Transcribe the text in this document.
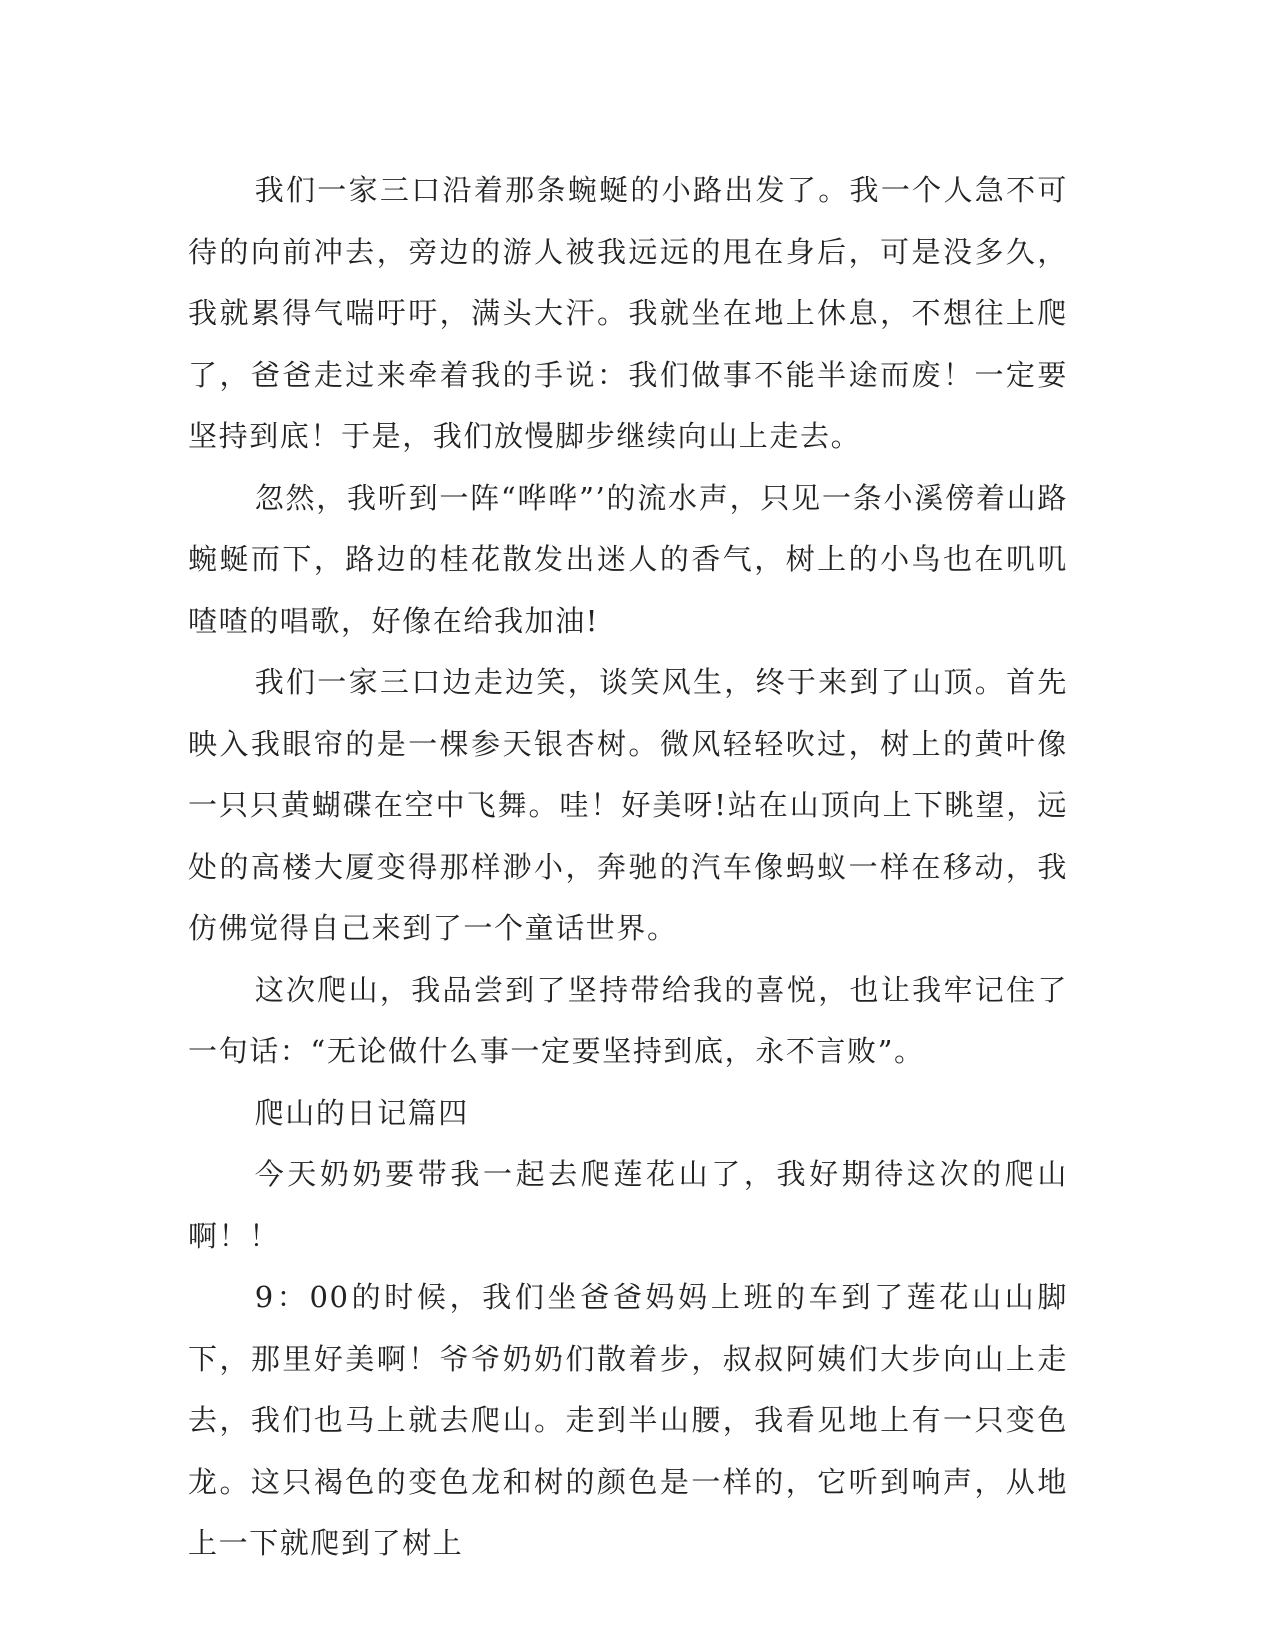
我们一家三口沿着那条蜿蜒的小路出发了。我一个人急不可待的向前冲去，旁边的游人被我远远的甩在身后，可是没多久，我就累得气喘吁吁，满头大汗。我就坐在地上休息，不想往上爬了，爸爸走过来牵着我的手说：我们做事不能半途而废！一定要坚持到底！于是，我们放慢脚步继续向山上走去。

忽然，我听到一阵“哗哗”’的流水声，只见一条小溪傍着山路蜿蜒而下，路边的桂花散发出迷人的香气，树上的小鸟也在叽叽喳喳的唱歌，好像在给我加油!

我们一家三口边走边笑，谈笑风生，终于来到了山顶。首先映入我眼帘的是一棵参天银杏树。微风轻轻吹过，树上的黄叶像一只只黄蝴碟在空中飞舞。哇！好美呀!站在山顶向上下眺望，远处的高楼大厦变得那样渺小，奔驰的汽车像蚂蚁一样在移动，我仿佛觉得自己来到了一个童话世界。

这次爬山，我品尝到了坚持带给我的喜悦，也让我牢记住了一句话：“无论做什么事一定要坚持到底，永不言败”。

爬山的日记篇四

今天奶奶要带我一起去爬莲花山了，我好期待这次的爬山啊！！

9：00的时候，我们坐爸爸妈妈上班的车到了莲花山山脚下，那里好美啊！爷爷奶奶们散着步，叔叔阿姨们大步向山上走去，我们也马上就去爬山。走到半山腰，我看见地上有一只变色龙。这只褐色的变色龙和树的颜色是一样的，它听到响声，从地上一下就爬到了树上
